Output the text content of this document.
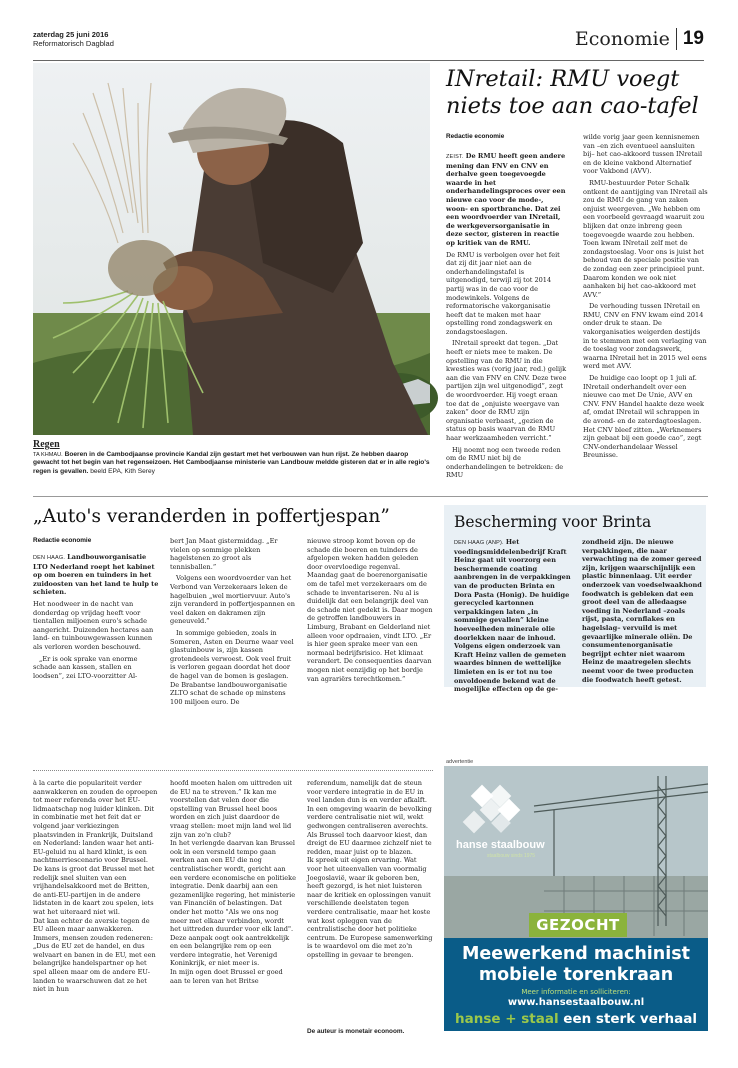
zaterdag 25 juni 2016
Reformatorisch Dagblad	Economie 19
Regen
TA KHMAU. Boeren in de Cambodjaanse provincie Kandal zijn gestart met het verbouwen van hun rijst. Ze hebben daarop gewacht tot het begin van het regenseizoen. Het Cambodjaanse ministerie van Landbouw meldde gisteren dat er in alle regio's regen is gevallen. beeld EPA, Kith Serey
INretail: RMU voegt niets toe aan cao-tafel
Redactie economie

ZEIST. De RMU heeft geen andere mening dan FNV en CNV en derhalve geen toegevoegde waarde in het onderhandelingsproces over een nieuwe cao voor de mode-, woon- en sportbranche. Dat zei een woordvoerder van INretail, de werkgeversorganisatie in deze sector, gisteren in reactie op kritiek van de RMU.

De RMU is verbolgen over het feit dat zij dit jaar niet aan de onderhandelingstafel is uitgenodigd, terwijl zij tot 2014 partij was in de cao voor de modewinkels. Volgens de reformatorische vakorganisatie heeft dat te maken met haar opstelling rond zondagswerk en zondagstoeslagen.

INretail spreekt dat tegen. „Dat heeft er niets mee te maken. De opstelling van de RMU in die kwesties was (vorig jaar, red.) gelijk aan die van FNV en CNV. Deze twee partijen zijn wel uitgenodigd”, zegt de woordvoerder. Hij voegt eraan toe dat de „onjuiste weergave van zaken” door de RMU zijn organisatie verbaast, „gezien de status op basis waarvan de RMU haar werkzaamheden verricht.”

Hij noemt nog een tweede reden om de RMU niet bij de onderhandelingen te betrekken: de RMU

wilde vorig jaar geen kennisnemen van –en zich eventueel aansluiten bij– het cao-akkoord tussen INretail en de kleine vakbond Alternatief voor Vakbond (AVV).

RMU-bestuurder Peter Schalk ontkent de aantijging van INretail als zou de RMU de gang van zaken onjuist weergeven. „We hebben om een voorbeeld gevraagd waaruit zou blijken dat onze inbreng geen toegevoegde waarde zou hebben. Toen kwam INretail zelf met de zondagstoeslag. Voor ons is juist het behoud van de speciale positie van de zondag een zeer principieel punt. Daarom konden we ook niet aanhaken bij het cao-akkoord met AVV.”

De verhouding tussen INretail en RMU, CNV en FNV kwam eind 2014 onder druk te staan. De vakorganisaties weigerden destijds in te stemmen met een verlaging van de toeslag voor zondagswerk, waarna INretail het in 2015 wel eens werd met AVV.

De huidige cao loopt op 1 juli af. INretail onderhandelt over een nieuwe cao met De Unie, AVV en CNV. FNV Handel haakte deze week af, omdat INretail wil schrappen in de avond- en de zaterdagtoeslagen. Het CNV bleef zitten. „Werknemers zijn gebaat bij een goede cao”, zegt CNV-onderhandelaar Wessel Breunisse.

„Auto's veranderden in poffertjespan”
Redactie economie

DEN HAAG. Landbouworganisatie LTO Nederland roept het kabinet op om boeren en tuinders in het zuidoosten van het land te hulp te schieten.

Het noodweer in de nacht van donderdag op vrijdag heeft voor tientallen miljoenen euro's schade aangericht. Duizenden hectares aan land- en tuinbouwgewassen kunnen als verloren worden beschouwd.

„Er is ook sprake van enorme schade aan kassen, stallen en loodsen”, zei LTO-voorzitter Al-

bert Jan Maat gistermiddag. „Er vielen op sommige plekken hagelstenen zo groot als tennisballen.”

Volgens een woordvoerder van het Verbond van Verzekeraars leken de hagelbuien „wel mortiervuur. Auto's zijn veranderd in poffertjespannen en veel daken en dakramen zijn geneuveld.”

In sommige gebieden, zoals in Someren, Asten en Deurne waar veel glastuinbouw is, zijn kassen grotendeels verwoest. Ook veel fruit is verloren gegaan doordat het door de hagel van de bomen is geslagen. De Brabantse landbouworganisatie ZLTO schat de schade op minstens 100 miljoen euro. De

nieuwe stroop komt boven op de schade die boeren en tuinders de afgelopen weken hadden geleden door overvloedige regenval. Maandag gaat de boerenorganisatie om de tafel met verzekeraars om de schade te inventariseren. Nu al is duidelijk dat een belangrijk deel van de schade niet gedekt is. Daar mogen de getroffen landbouwers in Limburg, Brabant en Gelderland niet alleen voor opdraaien, vindt LTO. „Er is hier geen sprake meer van een normaal bedrijfsrisico. Het klimaat verandert. De consequenties daarvan mogen niet eenzijdig op het bordje van agrariërs terechtkomen.”

Bescherming voor Brinta

DEN HAAG (ANP). Het voedingsmiddelenbedrijf Kraft Heinz gaat uit voorzorg een beschermende coating aanbrengen in de verpakkingen van de producten Brinta en Dora Pasta (Honig). De huidige gerecycled kartonnen verpakkingen laten „in sommige gevallen” kleine hoeveelheden minerale olie doorlekken naar de inhoud. Volgens eigen onderzoek van Kraft Heinz vallen de gemeten waardes binnen de wettelijke limieten en is er tot nu toe onvoldoende bekend wat de mogelijke effecten op de ge-

zondheid zijn. De nieuwe verpakkingen, die naar verwachting na de zomer gereed zijn, krijgen waarschijnlijk een plastic binnenlaag. Uit eerder onderzoek van voedselwaakhond foodwatch is gebleken dat een groot deel van de alledaagse voeding in Nederland –zoals rijst, pasta, cornflakes en hagelslag– vervuild is met gevaarlijke minerale oliën. De consumentenorganisatie begrijpt echter niet waarom Heinz de maatregelen slechts neemt voor de twee producten die foodwatch heeft getest.

à la carte die populariteit verder aanwakkeren en zouden de oproepen tot meer referenda over het EU-lidmaatschap nog luider klinken. Dit in combinatie met het feit dat er volgend jaar verkiezingen plaatsvinden in Frankrijk, Duitsland en Nederland: landen waar het anti-EU-geluid nu al hard klinkt, is een nachtmerriescenario voor Brussel. De kans is groot dat Brussel met het redelijk snel sluiten van een vrijhandelsakkoord met de Britten, de anti-EU-partijen in de andere lidstaten in de kaart zou spelen, iets wat het uiteraard niet wil.
Dat kan echter de aversie tegen de EU alleen maar aanwakkeren. Immers, mensen zouden redeneren: „Dus de EU zet de handel, en dus welvaart en banen in de EU, met een belangrijke handelspartner op het spel alleen maar om de andere EU-landen te waarschuwen dat ze het niet in hun
hoofd moeten halen om uittreden uit de EU na te streven.” Ik kan me voorstellen dat velen door die opstelling van Brussel heel boos worden en zich juist daardoor de vraag stellen: moet mijn land wel lid zijn van zo'n club?
In het verlengde daarvan kan Brussel ook in een versneld tempo gaan werken aan een EU die nog centralistischer wordt, gericht aan een verdere economische en politieke integratie. Denk daarbij aan een gezamenlijke regering, het ministerie van Financiën of belastingen. Dat onder het motto "Als we ons nog meer met elkaar verbinden, wordt het uittreden duurder voor elk land". Deze aanpak oogt ook aantrekkelijk en een belangrijke rem op een verdere integratie, het Verenigd Koninkrijk, er niet meer is.
In mijn ogen doet Brussel er goed aan te leren van het Britse
referendum, namelijk dat de steun voor verdere integratie in de EU in veel landen dun is en verder afkalft. In een omgeving waarin de bevolking verdere centralisatie niet wil, wekt gedwongen centraliseren averechts. Als Brussel toch daarvoor kiest, dan dreigt de EU daarmee zichzelf niet te redden, maar juist op te blazen.
Ik spreek uit eigen ervaring. Wat voor het uiteenvallen van voormalig Joegoslavië, waar ik geboren ben, heeft gezorgd, is het niet luisteren naar de kritiek en oplossingen vanuit verschillende deelstaten tegen verdere centralisatie, maar het koste wat kost opleggen van de centralistische door het politieke centrum. De Europese samenwerking is te waardevol om die met zo'n opstelling in gevaar te brengen.
De auteur is monetair econoom.
advertentie
hanse staalbouw
staalbouw sinds 1975
GEZOCHT
Meewerkend machinist
mobiele torenkraan
Meer informatie en solliciteren:
www.hansestaalbouw.nl
hanse + staal een sterk verhaal
